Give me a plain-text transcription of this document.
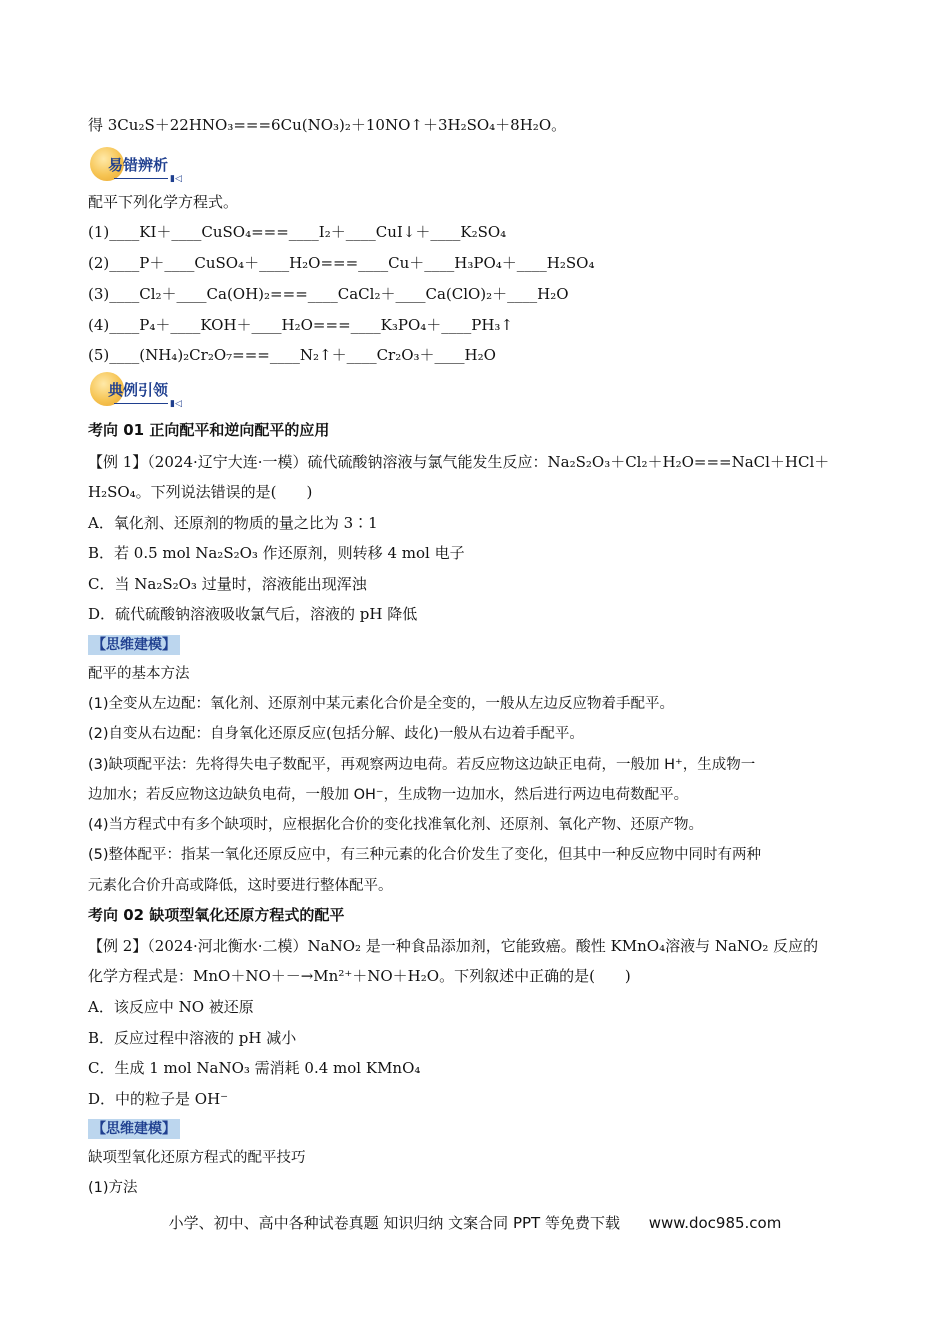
得 3Cu₂S＋22HNO₃===6Cu(NO₃)₂＋10NO↑＋3H₂SO₄＋8H₂O。
易错辨析
▮◁
配平下列化学方程式。
(1)____KI＋____CuSO₄===____I₂＋____CuI↓＋____K₂SO₄
(2)____P＋____CuSO₄＋____H₂O===____Cu＋____H₃PO₄＋____H₂SO₄
(3)____Cl₂＋____Ca(OH)₂===____CaCl₂＋____Ca(ClO)₂＋____H₂O
(4)____P₄＋____KOH＋____H₂O===____K₃PO₄＋____PH₃↑
(5)____(NH₄)₂Cr₂O₇===____N₂↑＋____Cr₂O₃＋____H₂O
典例引领
▮◁
考向 01 正向配平和逆向配平的应用
【例 1】（2024·辽宁大连·一模）硫代硫酸钠溶液与氯气能发生反应：Na₂S₂O₃＋Cl₂＋H₂O===NaCl＋HCl＋
H₂SO₄。下列说法错误的是(　　)
A．氧化剂、还原剂的物质的量之比为 3∶1
B．若 0.5 mol Na₂S₂O₃ 作还原剂，则转移 4 mol 电子
C．当 Na₂S₂O₃ 过量时，溶液能出现浑浊
D．硫代硫酸钠溶液吸收氯气后，溶液的 pH 降低
【思维建模】
配平的基本方法
(1)全变从左边配：氧化剂、还原剂中某元素化合价是全变的，一般从左边反应物着手配平。
(2)自变从右边配：自身氧化还原反应(包括分解、歧化)一般从右边着手配平。
(3)缺项配平法：先将得失电子数配平，再观察两边电荷。若反应物这边缺正电荷，一般加 H⁺，生成物一
边加水；若反应物这边缺负电荷，一般加 OH⁻，生成物一边加水，然后进行两边电荷数配平。
(4)当方程式中有多个缺项时，应根据化合价的变化找准氧化剂、还原剂、氧化产物、还原产物。
(5)整体配平：指某一氧化还原反应中，有三种元素的化合价发生了变化，但其中一种反应物中同时有两种
元素化合价升高或降低，这时要进行整体配平。
考向 02 缺项型氧化还原方程式的配平
【例 2】（2024·河北衡水·二模）NaNO₂ 是一种食品添加剂，它能致癌。酸性 KMnO₄溶液与 NaNO₂ 反应的
化学方程式是：MnO＋NO＋－→Mn²⁺＋NO＋H₂O。下列叙述中正确的是(　　)
A．该反应中 NO 被还原
B．反应过程中溶液的 pH 减小
C．生成 1 mol NaNO₃ 需消耗 0.4 mol KMnO₄
D．中的粒子是 OH⁻
【思维建模】
缺项型氧化还原方程式的配平技巧
(1)方法
小学、初中、高中各种试卷真题 知识归纳 文案合同 PPT 等免费下载 www.doc985.com
